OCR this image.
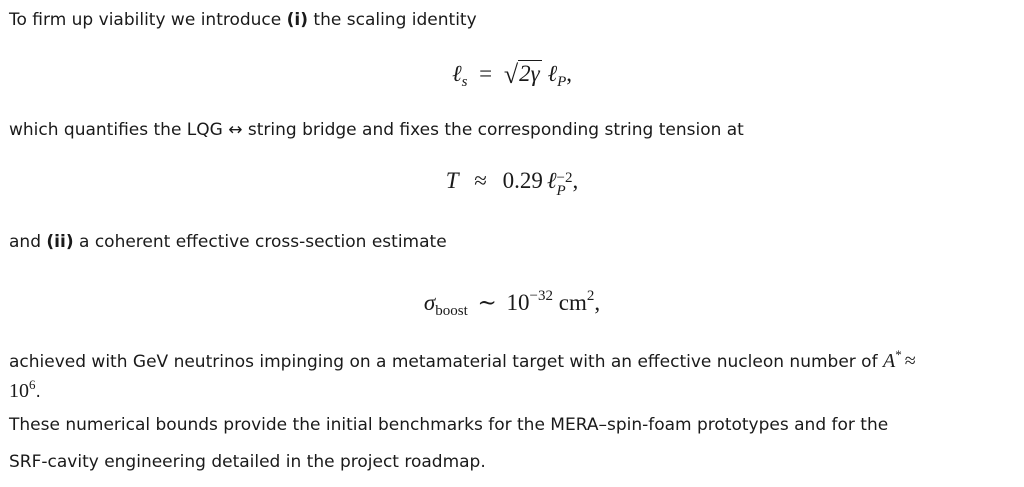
To firm up viability we introduce (i) the scaling identity
ℓ$_s$ = √2γ ℓ$_P$,
which quantifies the LQG ↔ string bridge and fixes the corresponding string tension at
T ≈ 0.29 ℓ −2
P ,
and (ii) a coherent effective cross-section estimate
$\sigma_{boost}$ ∼ $10^{-32}$ $cm^2$,
achieved with GeV neutrinos impinging on a metamaterial target with an effective nucleon number of A* ≈
$10^6$.
These numerical bounds provide the initial benchmarks for the MERA–spin-foam prototypes and for the
SRF-cavity engineering detailed in the project roadmap.
